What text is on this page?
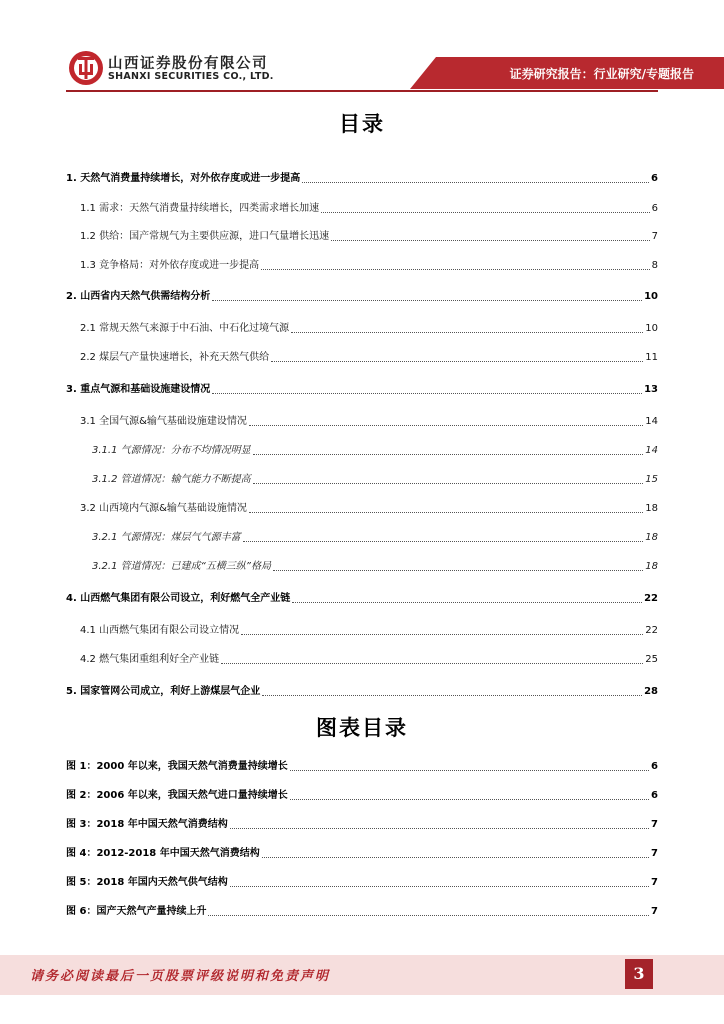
山西证券股份有限公司
SHANXI SECURITIES CO., LTD.	证券研究报告：行业研究/专题报告
目录
1. 天然气消费量持续增长，对外依存度或进一步提高	6
1.1 需求：天然气消费量持续增长，四类需求增长加速	6
1.2 供给：国产常规气为主要供应源，进口气量增长迅速	7
1.3 竞争格局：对外依存度或进一步提高	8
2. 山西省内天然气供需结构分析	10
2.1 常规天然气来源于中石油、中石化过境气源	10
2.2 煤层气产量快速增长，补充天然气供给	11
3. 重点气源和基础设施建设情况	13
3.1 全国气源&输气基础设施建设情况	14
3.1.1 气源情况：分布不均情况明显	14
3.1.2 管道情况：输气能力不断提高	15
3.2 山西境内气源&输气基础设施情况	18
3.2.1 气源情况：煤层气气源丰富	18
3.2.1 管道情况：已建成“五横三纵”格局	18
4. 山西燃气集团有限公司设立，利好燃气全产业链	22
4.1 山西燃气集团有限公司设立情况	22
4.2 燃气集团重组利好全产业链	25
5. 国家管网公司成立，利好上游煤层气企业	28
图表目录
图 1：2000 年以来，我国天然气消费量持续增长	6
图 2：2006 年以来，我国天然气进口量持续增长	6
图 3：2018 年中国天然气消费结构	7
图 4：2012-2018 年中国天然气消费结构	7
图 5：2018 年国内天然气供气结构	7
图 6：国产天然气产量持续上升	7
请务必阅读最后一页股票评级说明和免责声明	3
